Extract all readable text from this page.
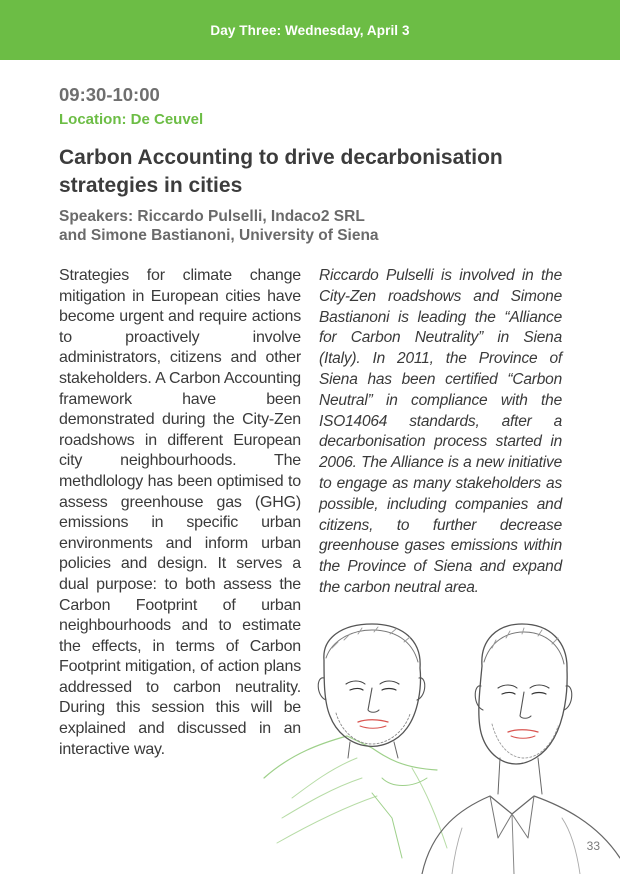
Day Three: Wednesday, April 3
09:30-10:00
Location: De Ceuvel
Carbon Accounting to drive decarbonisation strategies in cities
Speakers: Riccardo Pulselli, Indaco2 SRL
and Simone Bastianoni, University of Siena
Strategies for climate change mitigation in European cities have become urgent and require actions to proactively involve administrators, citizens and other stakeholders. A Carbon Accounting framework have been demonstrated during the City-Zen roadshows in different European city neighbourhoods. The methdlology has been optimised to assess greenhouse gas (GHG) emissions in specific urban environments and inform urban policies and design. It serves a dual purpose: to both assess the Carbon Footprint of urban neighbourhoods and to estimate the effects, in terms of Carbon Footprint mitigation, of action plans addressed to carbon neutrality. During this session this will be explained and discussed in an interactive way.
Riccardo Pulselli is involved in the City-Zen roadshows and Simone Bastianoni is leading the “Alliance for Carbon Neutrality” in Siena (Italy). In 2011, the Province of Siena has been certified “Carbon Neutral” in compliance with the ISO14064 standards, after a decarbonisation process started in 2006. The Alliance is a new initiative to engage as many stakeholders as possible, including companies and citizens, to further decrease greenhouse gases emissions within the Province of Siena and expand the carbon neutral area.
33
